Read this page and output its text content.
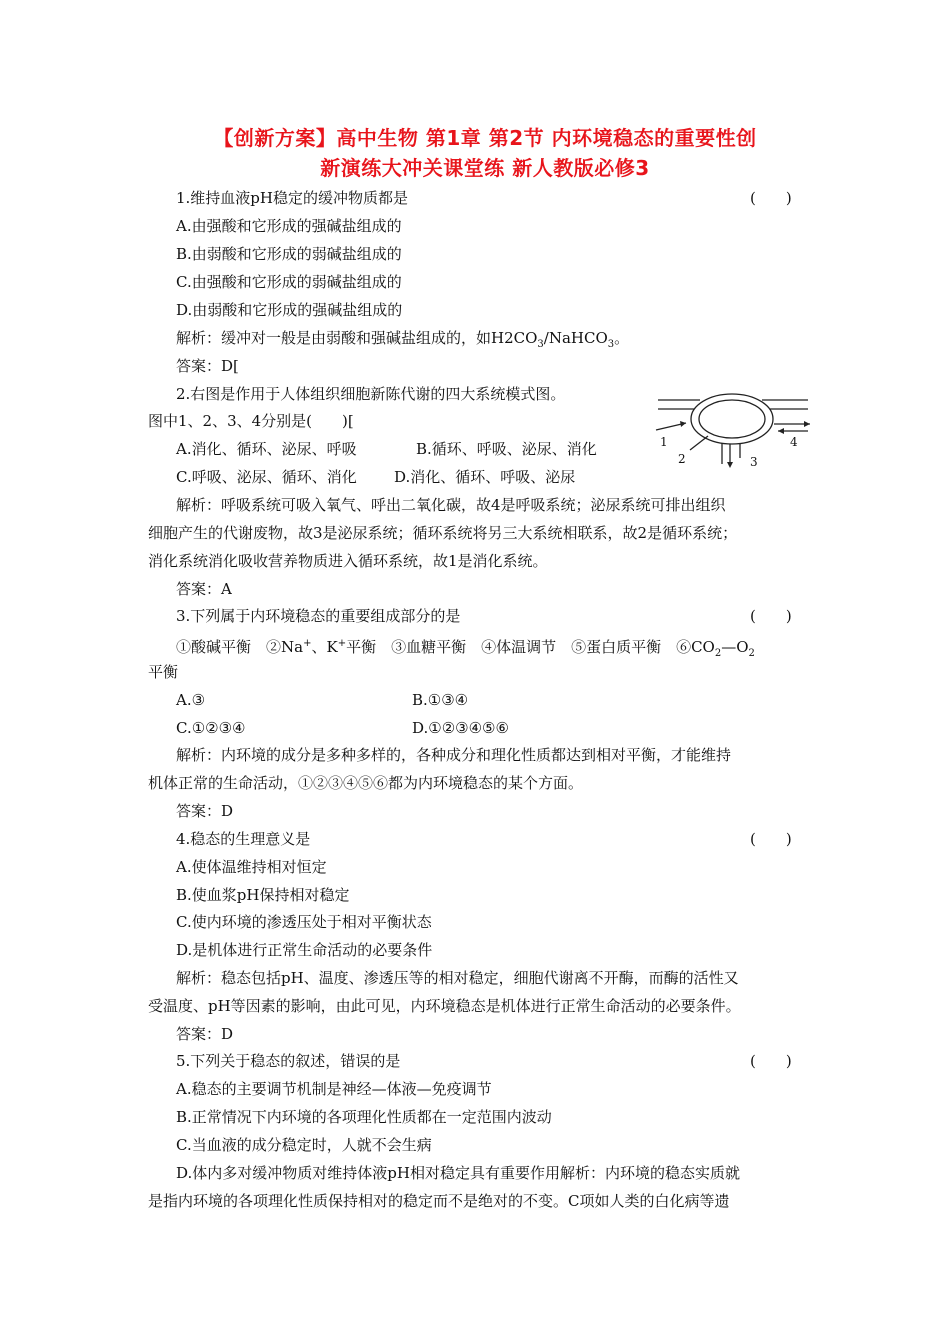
【创新方案】高中生物 第1章 第2节 内环境稳态的重要性创
新演练大冲关课堂练 新人教版必修3
1.维持血液pH稳定的缓冲物质都是	(　　)
A.由强酸和它形成的强碱盐组成的
B.由弱酸和它形成的弱碱盐组成的
C.由强酸和它形成的弱碱盐组成的
D.由弱酸和它形成的强碱盐组成的
解析：缓冲对一般是由弱酸和强碱盐组成的，如$H2CO_3/NaHCO_3$。
答案：D[
2.右图是作用于人体组织细胞新陈代谢的四大系统模式图。
图中1、2、3、4分别是(　　)[
A.消化、循环、泌尿、呼吸	B.循环、呼吸、泌尿、消化
C.呼吸、泌尿、循环、消化 D.消化、循环、呼吸、泌尿
1
2	3
4
解析：呼吸系统可吸入氧气、呼出二氧化碳，故4是呼吸系统；泌尿系统可排出组织
细胞产生的代谢废物，故3是泌尿系统；循环系统将另三大系统相联系，故2是循环系统；
消化系统消化吸收营养物质进入循环系统，故1是消化系统。
答案：A
3.下列属于内环境稳态的重要组成部分的是	(　　)
①酸碱平衡　②Na+、K+平衡　③血糖平衡　④体温调节　⑤蛋白质平衡　$⑥CO_2—O_2$
平衡
A.③	B.①③④
C.①②③④	D.①②③④⑤⑥
解析：内环境的成分是多种多样的，各种成分和理化性质都达到相对平衡，才能维持
机体正常的生命活动，①②③④⑤⑥都为内环境稳态的某个方面。
答案：D
4.稳态的生理意义是	(　　)
A.使体温维持相对恒定
B.使血浆pH保持相对稳定
C.使内环境的渗透压处于相对平衡状态
D.是机体进行正常生命活动的必要条件
解析：稳态包括pH、温度、渗透压等的相对稳定，细胞代谢离不开酶，而酶的活性又
受温度、pH等因素的影响，由此可见，内环境稳态是机体进行正常生命活动的必要条件。
答案：D
5.下列关于稳态的叙述，错误的是	(　　)
A.稳态的主要调节机制是神经—体液—免疫调节
B.正常情况下内环境的各项理化性质都在一定范围内波动
C.当血液的成分稳定时，人就不会生病
D.体内多对缓冲物质对维持体液pH相对稳定具有重要作用解析：内环境的稳态实质就
是指内环境的各项理化性质保持相对的稳定而不是绝对的不变。C项如人类的白化病等遗
